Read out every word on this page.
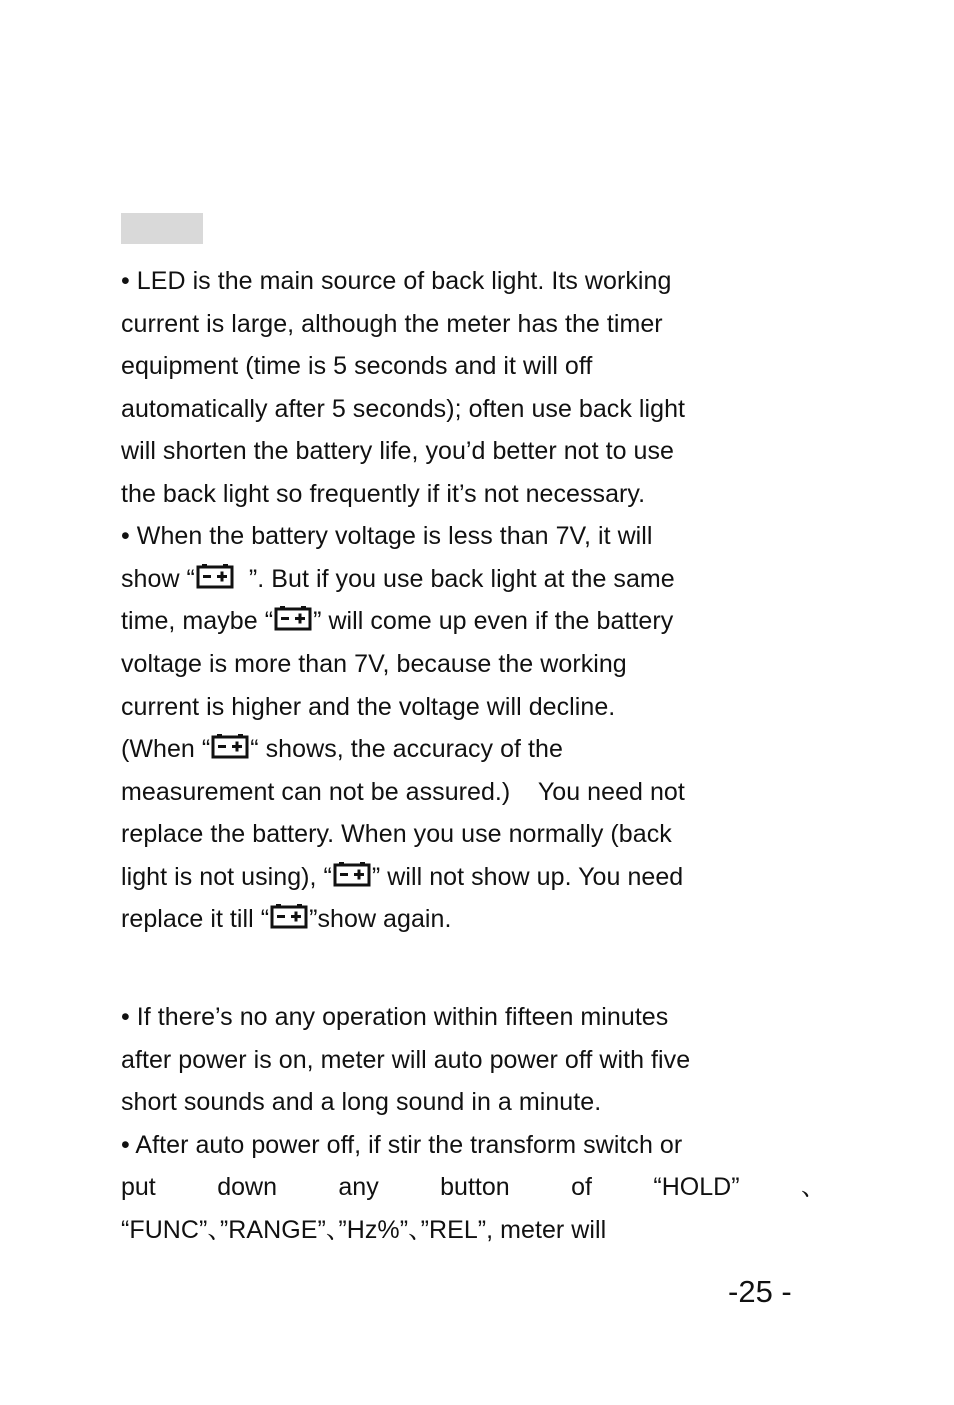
• LED is the main source of back light. Its working
current is large, although the meter has the timer
equipment (time is 5 seconds and it will off
automatically after 5 seconds); often use back light
will shorten the battery life, you’d better not to use
the back light so frequently if it’s not necessary.
• When the battery voltage is less than 7V, it will
show “
”. But if you use back light at the same
time, maybe “ ” will come up even if the battery
voltage is more than 7V, because the working
current is higher and the voltage will decline.
(When “ “ shows, the accuracy of the
measurement can not be assured.)    You need not
replace the battery. When you use normally (back
light is not using), “ ” will not show up. You need
replace it till “ ”show again.
• If there’s no any operation within fifteen minutes
after power is on, meter will auto power off with five
short sounds and a long sound in a minute.
• After auto power off, if stir the transform switch or
put down any button of “HOLD” 、
“FUNC”、”RANGE”、”Hz%”、”REL”, meter will
-25 -
